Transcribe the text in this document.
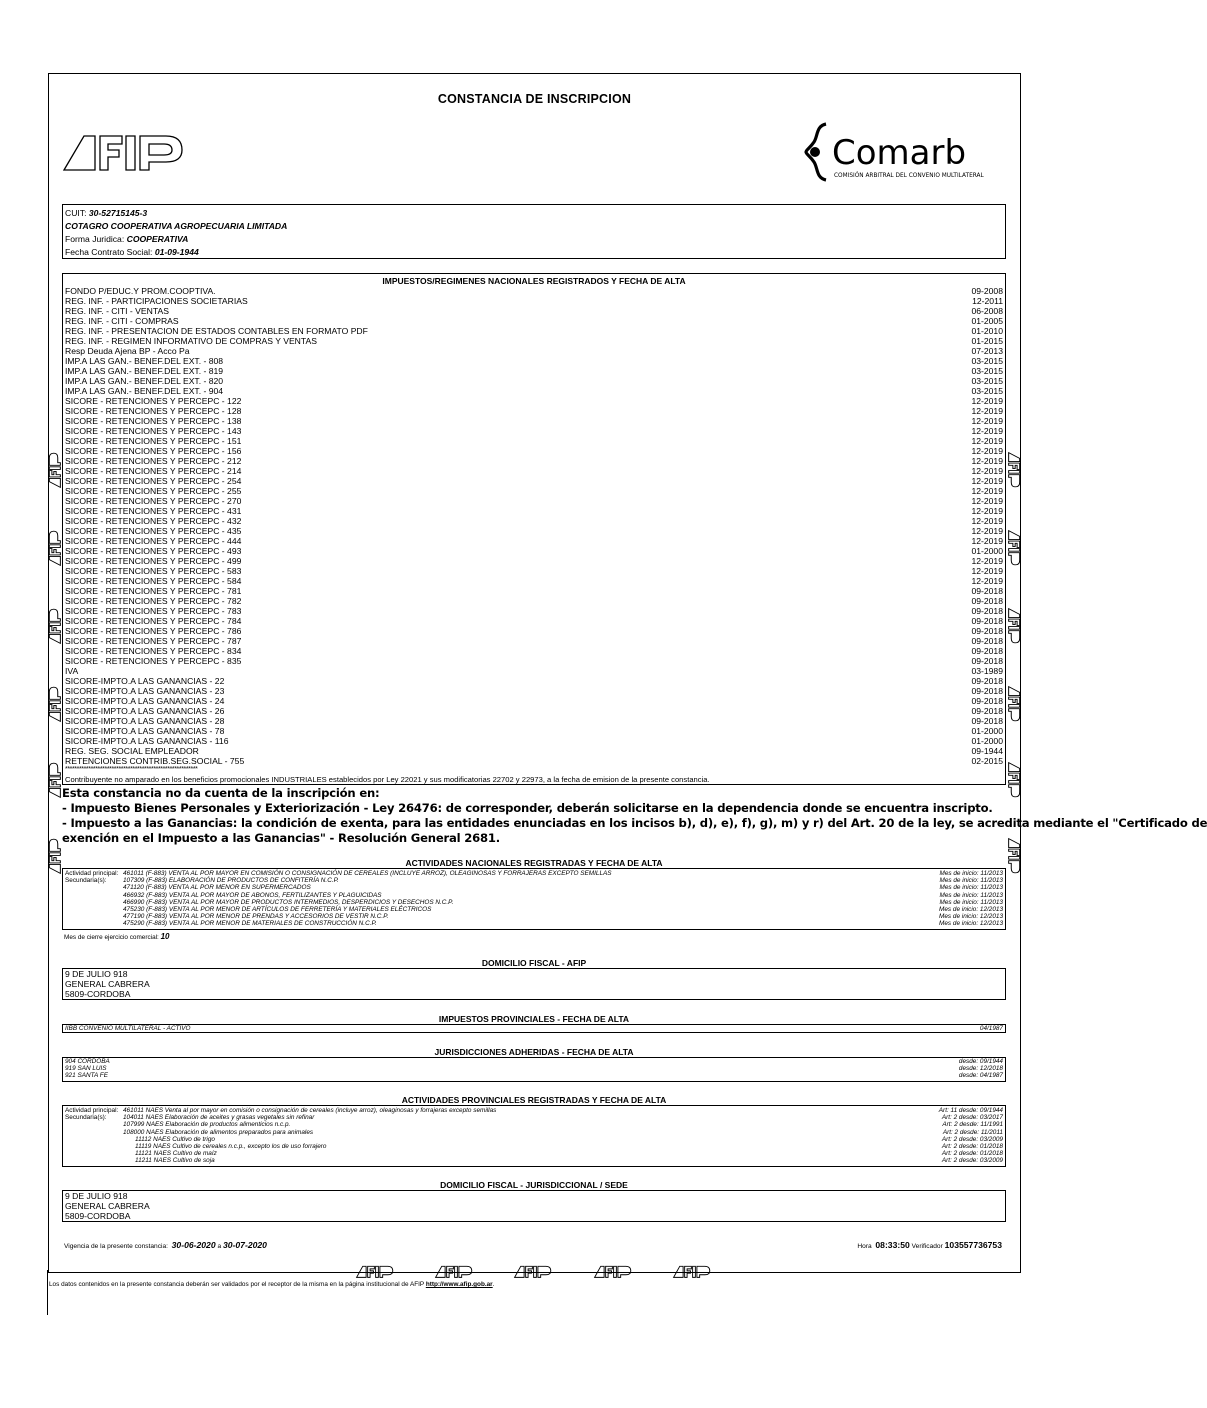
CONSTANCIA DE INSCRIPCION
Comarb
COMISIÓN ARBITRAL DEL CONVENIO MULTILATERAL
CUIT: 30-52715145-3
COTAGRO COOPERATIVA AGROPECUARIA LIMITADA
Forma Juridica: COOPERATIVA
Fecha Contrato Social: 01-09-1944
IMPUESTOS/REGIMENES NACIONALES REGISTRADOS Y FECHA DE ALTA
FONDO P/EDUC.Y PROM.COOPTIVA.	09-2008
REG. INF. - PARTICIPACIONES SOCIETARIAS	12-2011
REG. INF. - CITI - VENTAS	06-2008
REG. INF. - CITI - COMPRAS	01-2005
REG. INF. - PRESENTACION DE ESTADOS CONTABLES EN FORMATO PDF	01-2010
REG. INF. - REGIMEN INFORMATIVO DE COMPRAS Y VENTAS	01-2015
Resp Deuda Ajena BP - Acco Pa	07-2013
IMP.A LAS GAN.- BENEF.DEL EXT. - 808	03-2015
IMP.A LAS GAN.- BENEF.DEL EXT. - 819	03-2015
IMP.A LAS GAN.- BENEF.DEL EXT. - 820	03-2015
IMP.A LAS GAN.- BENEF.DEL EXT. - 904	03-2015
SICORE - RETENCIONES Y PERCEPC - 122	12-2019
SICORE - RETENCIONES Y PERCEPC - 128	12-2019
SICORE - RETENCIONES Y PERCEPC - 138	12-2019
SICORE - RETENCIONES Y PERCEPC - 143	12-2019
SICORE - RETENCIONES Y PERCEPC - 151	12-2019
SICORE - RETENCIONES Y PERCEPC - 156	12-2019
SICORE - RETENCIONES Y PERCEPC - 212	12-2019
SICORE - RETENCIONES Y PERCEPC - 214	12-2019
SICORE - RETENCIONES Y PERCEPC - 254	12-2019
SICORE - RETENCIONES Y PERCEPC - 255	12-2019
SICORE - RETENCIONES Y PERCEPC - 270	12-2019
SICORE - RETENCIONES Y PERCEPC - 431	12-2019
SICORE - RETENCIONES Y PERCEPC - 432	12-2019
SICORE - RETENCIONES Y PERCEPC - 435	12-2019
SICORE - RETENCIONES Y PERCEPC - 444	12-2019
SICORE - RETENCIONES Y PERCEPC - 493	01-2000
SICORE - RETENCIONES Y PERCEPC - 499	12-2019
SICORE - RETENCIONES Y PERCEPC - 583	12-2019
SICORE - RETENCIONES Y PERCEPC - 584	12-2019
SICORE - RETENCIONES Y PERCEPC - 781	09-2018
SICORE - RETENCIONES Y PERCEPC - 782	09-2018
SICORE - RETENCIONES Y PERCEPC - 783	09-2018
SICORE - RETENCIONES Y PERCEPC - 784	09-2018
SICORE - RETENCIONES Y PERCEPC - 786	09-2018
SICORE - RETENCIONES Y PERCEPC - 787	09-2018
SICORE - RETENCIONES Y PERCEPC - 834	09-2018
SICORE - RETENCIONES Y PERCEPC - 835	09-2018
IVA	03-1989
SICORE-IMPTO.A LAS GANANCIAS - 22	09-2018
SICORE-IMPTO.A LAS GANANCIAS - 23	09-2018
SICORE-IMPTO.A LAS GANANCIAS - 24	09-2018
SICORE-IMPTO.A LAS GANANCIAS - 26	09-2018
SICORE-IMPTO.A LAS GANANCIAS - 28	09-2018
SICORE-IMPTO.A LAS GANANCIAS - 78	01-2000
SICORE-IMPTO.A LAS GANANCIAS - 116	01-2000
REG. SEG. SOCIAL EMPLEADOR	09-1944
RETENCIONES CONTRIB.SEG.SOCIAL - 755	02-2015
*********************************************************
Contribuyente no amparado en los beneficios promocionales INDUSTRIALES establecidos por Ley 22021 y sus modificatorias 22702 y 22973, a la fecha de emision de la presente constancia.
Esta constancia no da cuenta de la inscripción en:
- Impuesto Bienes Personales y Exteriorización - Ley 26476: de corresponder, deberán solicitarse en la dependencia donde se encuentra inscripto.
- Impuesto a las Ganancias: la condición de exenta, para las entidades enunciadas en los incisos b), d), e), f), g), m) y r) del Art. 20 de la ley, se acredita mediante el "Certificado de
exención en el Impuesto a las Ganancias" - Resolución General 2681.
ACTIVIDADES NACIONALES REGISTRADAS Y FECHA DE ALTA
Actividad principal: 461011 (F-883) VENTA AL POR MAYOR EN COMISIÓN O CONSIGNACIÓN DE CEREALES (INCLUYE ARROZ), OLEAGINOSAS Y FORRAJERAS EXCEPTO SEMILLAS	Mes de inicio: 11/2013
Secundaria(s):	107309 (F-883) ELABORACIÓN DE PRODUCTOS DE CONFITERÍA N.C.P.	Mes de inicio: 11/2013
471120 (F-883) VENTA AL POR MENOR EN SUPERMERCADOS	Mes de inicio: 11/2013
466932 (F-883) VENTA AL POR MAYOR DE ABONOS, FERTILIZANTES Y PLAGUICIDAS	Mes de inicio: 11/2013
466990 (F-883) VENTA AL POR MAYOR DE PRODUCTOS INTERMEDIOS, DESPERDICIOS Y DESECHOS N.C.P.	Mes de inicio: 11/2013
475230 (F-883) VENTA AL POR MENOR DE ARTÍCULOS DE FERRETERÍA Y MATERIALES ELÉCTRICOS	Mes de inicio: 12/2013
477190 (F-883) VENTA AL POR MENOR DE PRENDAS Y ACCESORIOS DE VESTIR N.C.P.	Mes de inicio: 12/2013
475290 (F-883) VENTA AL POR MENOR DE MATERIALES DE CONSTRUCCIÓN N.C.P.	Mes de inicio: 12/2013
Mes de cierre ejercicio comercial: 10
DOMICILIO FISCAL - AFIP
9 DE JULIO 918
GENERAL CABRERA
5809-CORDOBA
IMPUESTOS PROVINCIALES - FECHA DE ALTA
IIBB CONVENIO MULTILATERAL - ACTIVO	04/1987
JURISDICCIONES ADHERIDAS - FECHA DE ALTA
904 CORDOBA	desde: 09/1944
919 SAN LUIS	desde: 12/2018
921 SANTA FE	desde: 04/1987
ACTIVIDADES PROVINCIALES REGISTRADAS Y FECHA DE ALTA
Actividad principal: 461011 NAES Venta al por mayor en comisión o consignación de cereales (incluye arroz), oleaginosas y forrajeras excepto semillas	Art: 11 desde: 09/1944
Secundaria(s):	104011 NAES Elaboración de aceites y grasas vegetales sin refinar	Art: 2 desde: 03/2017
107999 NAES Elaboración de productos alimenticios n.c.p.	Art: 2 desde: 11/1991
108000 NAES Elaboración de alimentos preparados para animales	Art: 2 desde: 11/2011
11112 NAES Cultivo de trigo	Art: 2 desde: 03/2009
11119 NAES Cultivo de cereales n.c.p., excepto los de uso forrajero	Art: 2 desde: 01/2018
11121 NAES Cultivo de maíz	Art: 2 desde: 01/2018
11211 NAES Cultivo de soja	Art: 2 desde: 03/2009
DOMICILIO FISCAL - JURISDICCIONAL / SEDE
9 DE JULIO 918
GENERAL CABRERA
5809-CORDOBA
Vigencia de la presente constancia: 30-06-2020 a 30-07-2020	Hora 08:33:50 Verificador 103557736753
Los datos contenidos en la presente constancia deberán ser validados por el receptor de la misma en la página institucional de AFIP http://www.afip.gob.ar.
